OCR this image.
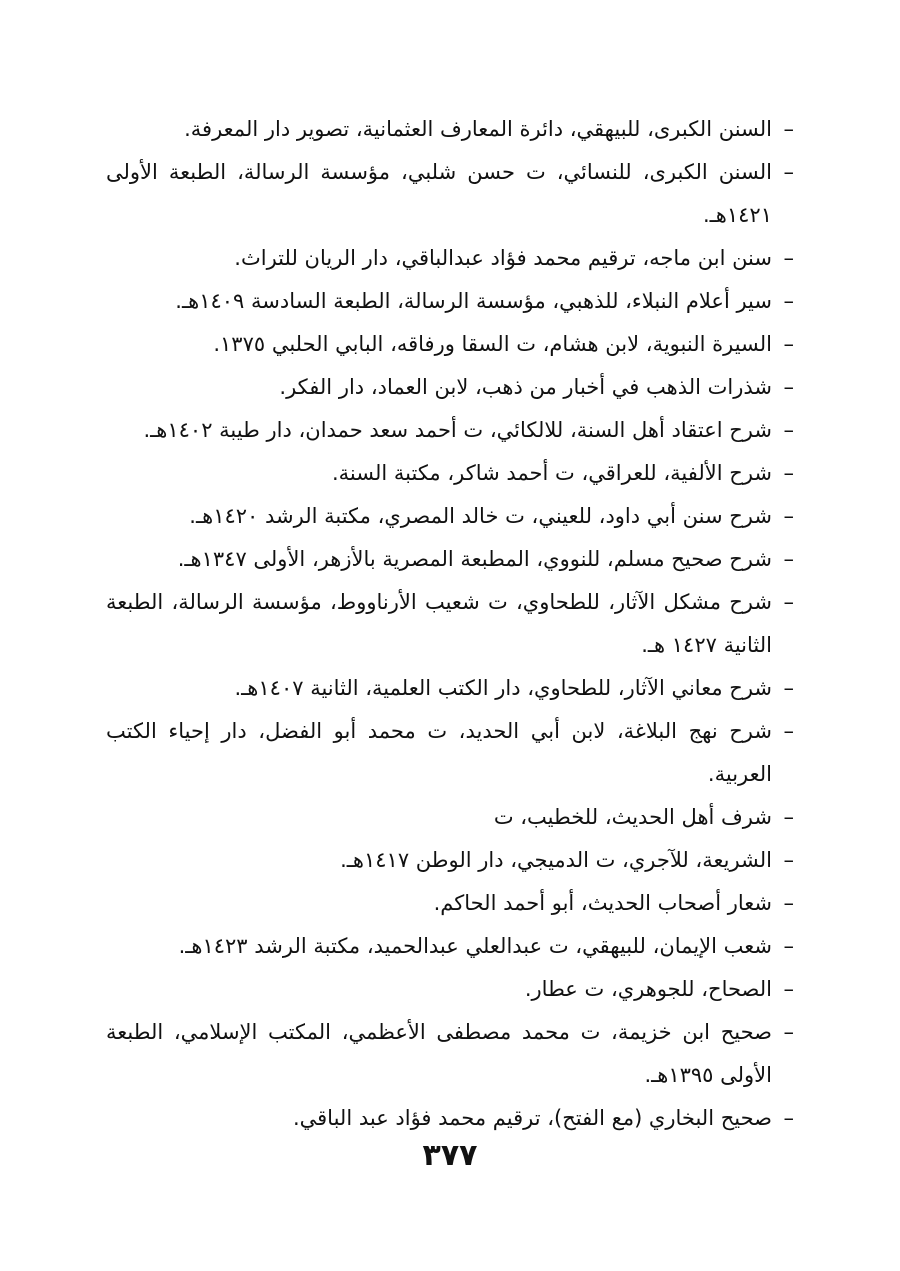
–السنن الكبرى، للبيهقي، دائرة المعارف العثمانية، تصوير دار المعرفة.
–السنن الكبرى، للنسائي، ت حسن شلبي، مؤسسة الرسالة، الطبعة الأولى ١٤٢١هـ.
–سنن ابن ماجه، ترقيم محمد فؤاد عبدالباقي، دار الريان للتراث.
–سير أعلام النبلاء، للذهبي، مؤسسة الرسالة، الطبعة السادسة ١٤٠٩هـ.
–السيرة النبوية، لابن هشام، ت السقا ورفاقه، البابي الحلبي ١٣٧٥.
–شذرات الذهب في أخبار من ذهب، لابن العماد، دار الفكر.
–شرح اعتقاد أهل السنة، للالكائي، ت أحمد سعد حمدان، دار طيبة ١٤٠٢هـ.
–شرح الألفية، للعراقي، ت أحمد شاكر، مكتبة السنة.
–شرح سنن أبي داود، للعيني، ت خالد المصري، مكتبة الرشد ١٤٢٠هـ.
–شرح صحيح مسلم، للنووي، المطبعة المصرية بالأزهر، الأولى ١٣٤٧هـ.
–شرح مشكل الآثار، للطحاوي، ت شعيب الأرناووط، مؤسسة الرسالة، الطبعة الثانية ١٤٢٧ هـ.
–شرح معاني الآثار، للطحاوي، دار الكتب العلمية، الثانية ١٤٠٧هـ.
–شرح نهج البلاغة، لابن أبي الحديد، ت محمد أبو الفضل، دار إحياء الكتب العربية.
–شرف أهل الحديث، للخطيب، ت
–الشريعة، للآجري، ت الدميجي، دار الوطن ١٤١٧هـ.
–شعار أصحاب الحديث، أبو أحمد الحاكم.
–شعب الإيمان، للبيهقي، ت عبدالعلي عبدالحميد، مكتبة الرشد ١٤٢٣هـ.
–الصحاح، للجوهري، ت عطار.
–صحيح ابن خزيمة، ت محمد مصطفى الأعظمي، المكتب الإسلامي، الطبعة الأولى ١٣٩٥هـ.
–صحيح البخاري (مع الفتح)، ترقيم محمد فؤاد عبد الباقي.
٣٧٧
